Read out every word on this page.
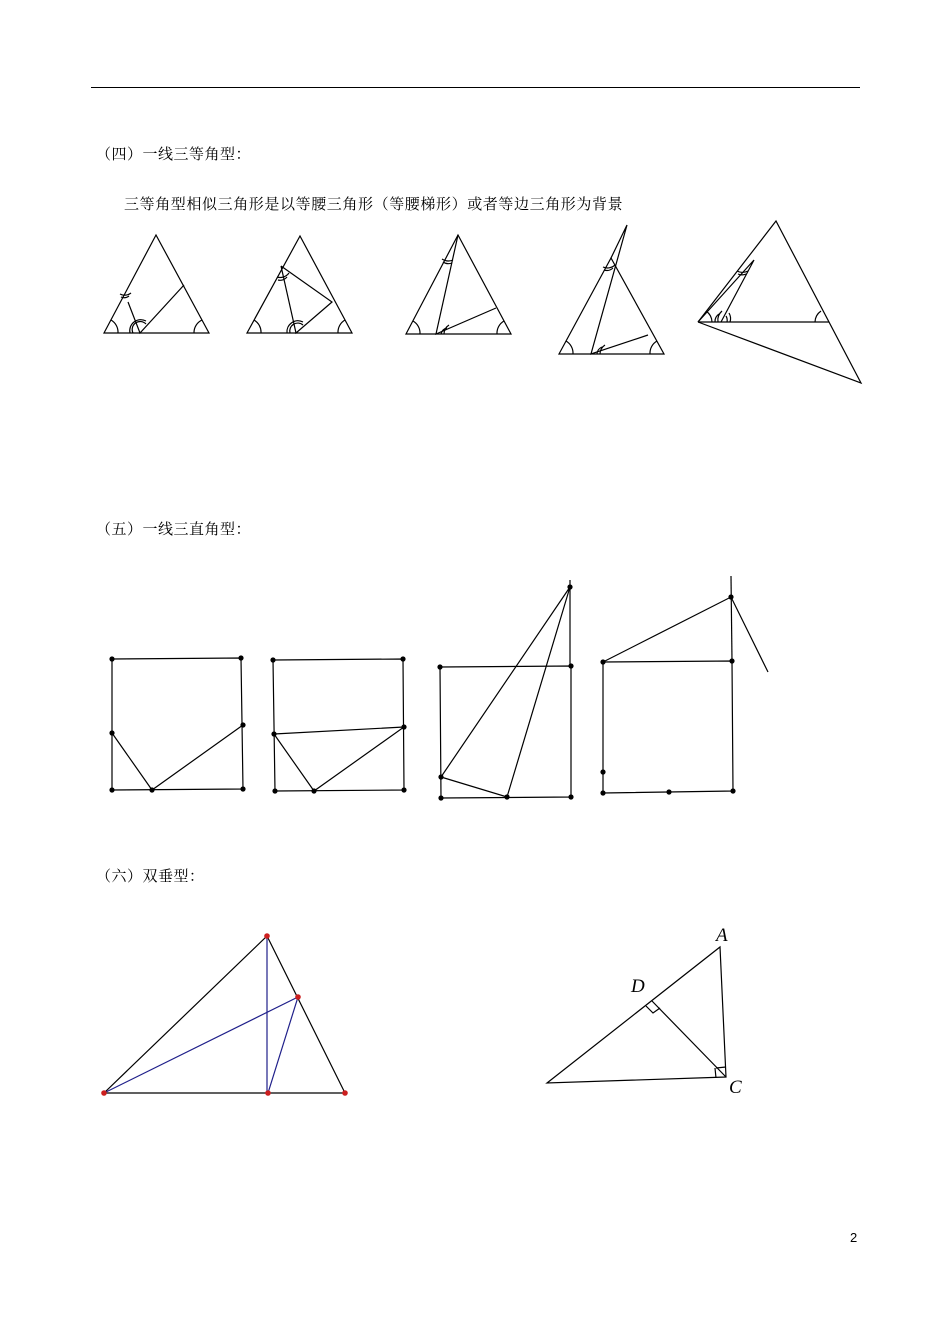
（四）一线三等角型：
三等角型相似三角形是以等腰三角形（等腰梯形）或者等边三角形为背景
（五）一线三直角型：
（六）双垂型：
A
D
C
2
